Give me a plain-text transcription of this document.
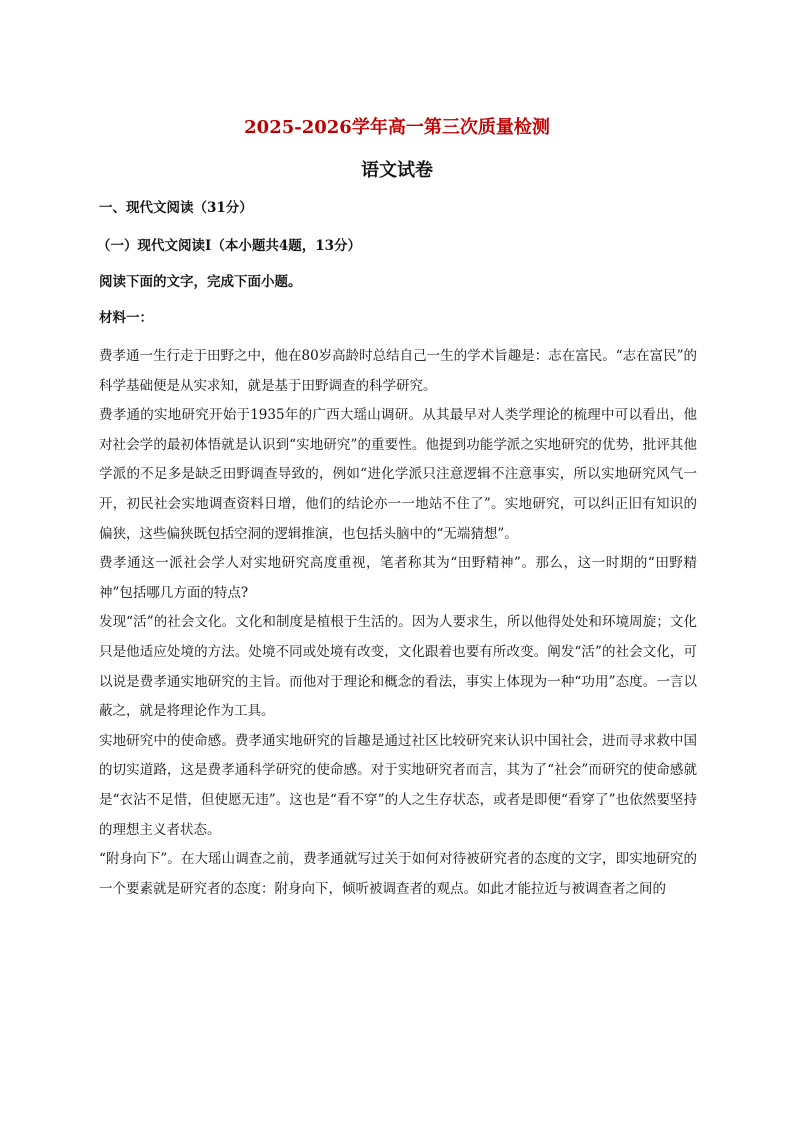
2025-2026学年高一第三次质量检测
语文试卷
一、现代文阅读（31分）
（一）现代文阅读Ⅰ（本小题共4题，13分）
阅读下面的文字，完成下面小题。
材料一：

费孝通一生行走于田野之中，他在80岁高龄时总结自己一生的学术旨趣是：志在富民。“志在富民”的科学基础便是从实求知，就是基于田野调查的科学研究。

费孝通的实地研究开始于1935年的广西大瑶山调研。从其最早对人类学理论的梳理中可以看出，他对社会学的最初体悟就是认识到“实地研究”的重要性。他提到功能学派之实地研究的优势，批评其他学派的不足多是缺乏田野调查导致的，例如“进化学派只注意逻辑不注意事实，所以实地研究风气一开，初民社会实地调查资料日增，他们的结论亦一一地站不住了”。实地研究，可以纠正旧有知识的偏狭，这些偏狭既包括空洞的逻辑推演，也包括头脑中的“无端猜想”。

费孝通这一派社会学人对实地研究高度重视，笔者称其为“田野精神”。那么，这一时期的“田野精神”包括哪几方面的特点?

发现“活”的社会文化。文化和制度是植根于生活的。因为人要求生，所以他得处处和环境周旋；文化只是他适应处境的方法。处境不同或处境有改变，文化跟着也要有所改变。阐发“活”的社会文化，可以说是费孝通实地研究的主旨。而他对于理论和概念的看法，事实上体现为一种“功用”态度。一言以蔽之，就是将理论作为工具。

实地研究中的使命感。费孝通实地研究的旨趣是通过社区比较研究来认识中国社会，进而寻求救中国的切实道路，这是费孝通科学研究的使命感。对于实地研究者而言，其为了“社会”而研究的使命感就是“衣沾不足惜，但使愿无违”。这也是“看不穿”的人之生存状态，或者是即便“看穿了”也依然要坚持的理想主义者状态。

“附身向下”。在大瑶山调查之前，费孝通就写过关于如何对待被研究者的态度的文字，即实地研究的一个要素就是研究者的态度：附身向下，倾听被调查者的观点。如此才能拉近与被调查者之间的
